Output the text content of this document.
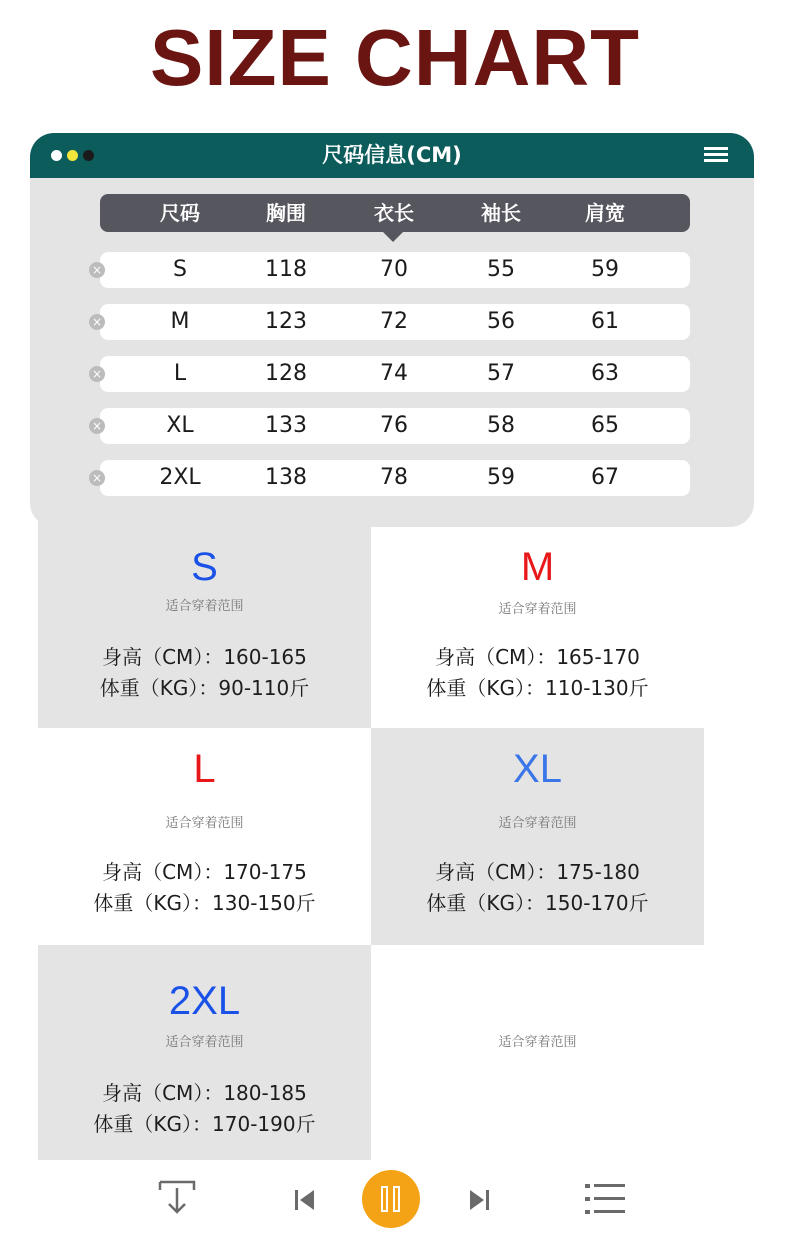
SIZE CHART
尺码信息(CM)
尺码	胸围	衣长	袖长	肩宽
S	118	70	55	59
×
M	123	72	56	61
×
L	128	74	57	63
×
XL	133	76	58	65
×
2XL	138	78	59	67
×
S
适合穿着范围
身高（CM）：160-165
体重（KG）：90-110斤
M
适合穿着范围
身高（CM）：165-170
体重（KG）：110-130斤
L
适合穿着范围
身高（CM）：170-175
体重（KG）：130-150斤
XL
适合穿着范围
身高（CM）：175-180
体重（KG）：150-170斤
2XL
适合穿着范围
身高（CM）：180-185
体重（KG）：170-190斤
适合穿着范围
